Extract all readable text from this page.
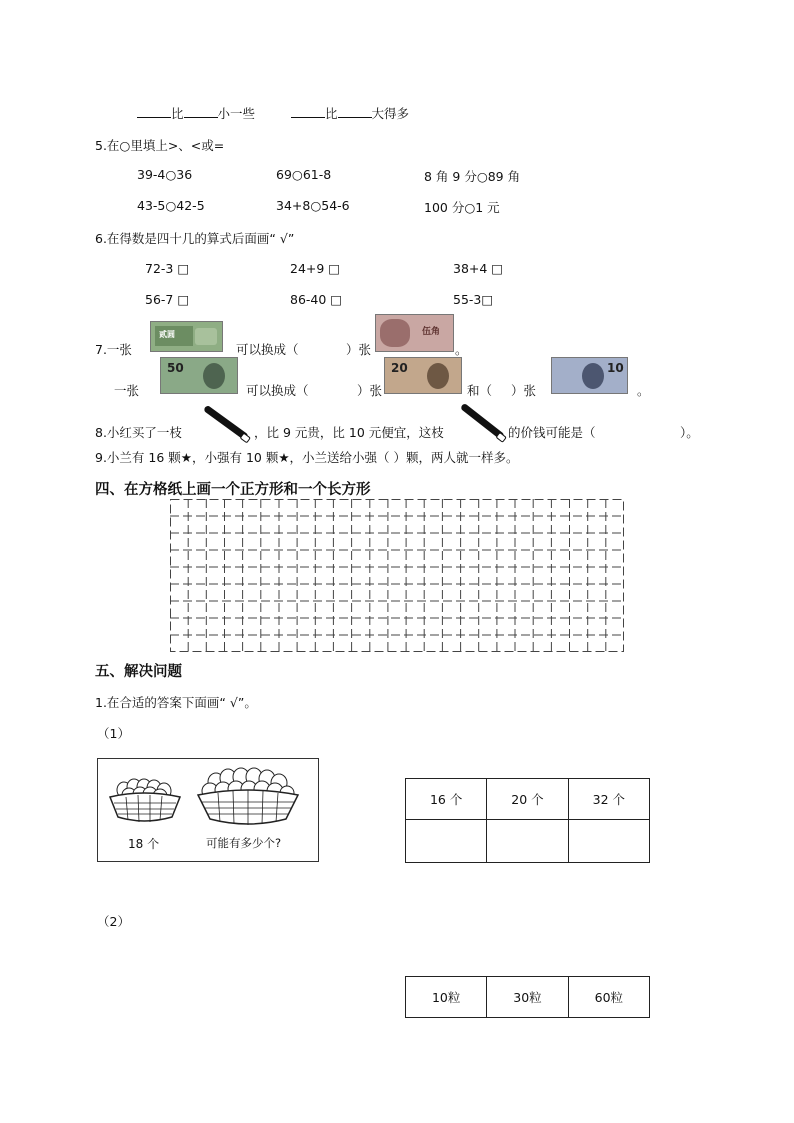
比	小一些	比	大得多
5.在○里填上>、<或=
39-4○36	69○61-8	8 角 9 分○89 角
43-5○42-5	34+8○54-6	100 分○1 元
6.在得数是四十几的算式后面画“ √”
72-3 □	24+9 □	38+4 □
56-7 □	86-40 □	55-3□
7.一张
贰圆
可以换成（
	）张
伍角
。
一张
50
可以换成（	）张
20
和（ ）张
10
。
8.小红买了一枝	，比 9 元贵，比 10 元便宜，这枝	的价钱可能是（	）。
9.小兰有 16 颗★，小强有 10 颗★，小兰送给小强（ ）颗，两人就一样多。
四、在方格纸上画一个正方形和一个长方形
五、解决问题
1.在合适的答案下面画“ √”。
（1）
18 个	可能有多少个?
16 个	20 个	32 个

（2）
10粒	30粒	60粒
